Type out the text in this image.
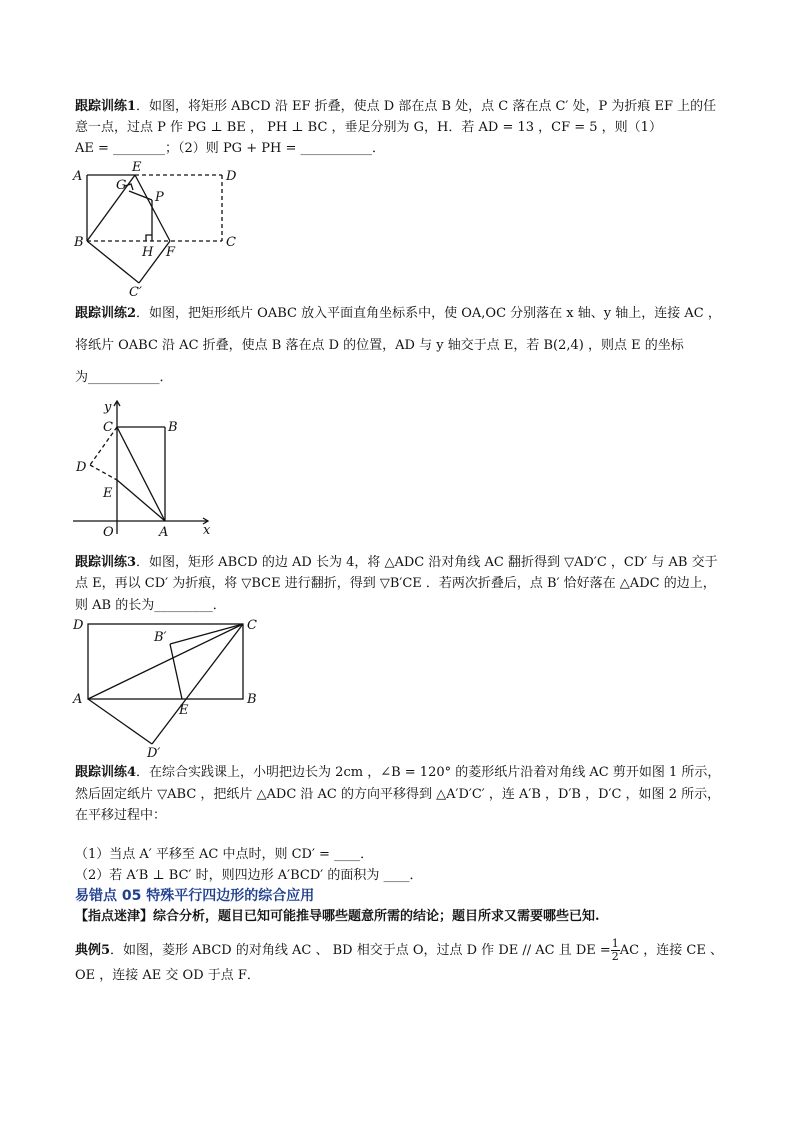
跟踪训练1．如图，将矩形 ABCD 沿 EF 折叠，使点 D 部在点 B 处，点 C 落在点 C′ 处，P 为折痕 EF 上的任
意一点，过点 P 作 PG ⊥ BE ， PH ⊥ BC ，垂足分别为 G，H．若 AD = 13 ，CF = 5 ，则（1）
AE = ________；（2）则 PG + PH = ___________．
A
E
D
G
P
B
H F
C
C′
跟踪训练2．如图，把矩形纸片 OABC 放入平面直角坐标系中，使 OA,OC 分别落在 x 轴、y 轴上，连接 AC ，
将纸片 OABC 沿 AC 折叠，使点 B 落在点 D 的位置，AD 与 y 轴交于点 E，若 B(2,4) ，则点 E 的坐标
为___________．
y
x
C	B
D
E
O	A
跟踪训练3．如图，矩形 ABCD 的边 AD 长为 4，将 △ADC 沿对角线 AC 翻折得到 ▽AD′C ，CD′ 与 AB 交于
点 E，再以 CD′ 为折痕，将 ▽BCE 进行翻折，得到 ▽B′CE ．若两次折叠后，点 B′ 恰好落在 △ADC 的边上，
则 AB 的长为_________．
D	C
B′
A
E
B
D′
跟踪训练4．在综合实践课上，小明把边长为 2cm ，∠B = 120° 的菱形纸片沿着对角线 AC 剪开如图 1 所示，
然后固定纸片 ▽ABC ，把纸片 △ADC 沿 AC 的方向平移得到 △A′D′C′ ，连 A′B ，D′B ，D′C ，如图 2 所示，
在平移过程中：
（1）当点 A′ 平移至 AC 中点时，则 CD′ = ____．
（2）若 A′B ⊥ BC′ 时，则四边形 A′BCD′ 的面积为 ____．
易错点 05 特殊平行四边形的综合应用
【指点迷津】综合分析，题目已知可能推导哪些题意所需的结论；题目所求又需要哪些已知.
典例5．如图，菱形 ABCD 的对角线 AC 、 BD 相交于点 O，过点 D 作 DE // AC 且 DE = $\frac{1}{2}$ AC ，连接 CE 、
OE ，连接 AE 交 OD 于点 F．
